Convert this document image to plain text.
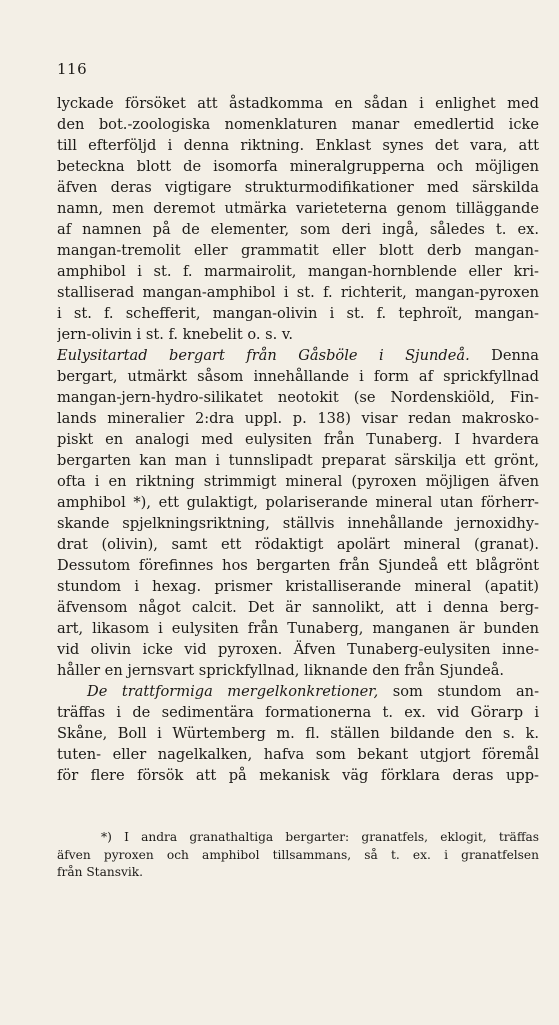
116
lyckade försöket att åstadkomma en sådan i enlighet med
den bot.-zoologiska nomenklaturen manar emedlertid icke
till efterföljd i denna riktning. Enklast synes det vara, att
beteckna blott de isomorfa mineralgrupperna och möjligen
äfven deras vigtigare strukturmodifikationer med särskilda
namn, men deremot utmärka varieteterna genom tilläggande
af namnen på de elementer, som deri ingå, således t. ex.
mangan-tremolit eller grammatit eller blott derb mangan-
amphibol i st. f. marmairolit, mangan-hornblende eller kri-
stalliserad mangan-amphibol i st. f. richterit, mangan-pyroxen
i st. f. schefferit, mangan-olivin i st. f. tephroït, mangan-
jern-olivin i st. f. knebelit o. s. v.
Eulysitartad bergart från Gåsböle i Sjundeå. Denna
bergart, utmärkt såsom innehållande i form af sprickfyllnad
mangan-jern-hydro-silikatet neotokit (se Nordenskiöld, Fin-
lands mineralier 2:dra uppl. p. 138) visar redan makrosko-
piskt en analogi med eulysiten från Tunaberg. I hvardera
bergarten kan man i tunnslipadt preparat särskilja ett grönt,
ofta i en riktning strimmigt mineral (pyroxen möjligen äfven
amphibol *), ett gulaktigt, polariserande mineral utan förherr-
skande spjelkningsriktning, ställvis innehållande jernoxidhy-
drat (olivin), samt ett rödaktigt apolärt mineral (granat).
Dessutom förefinnes hos bergarten från Sjundeå ett blågrönt
stundom i hexag. prismer kristalliserande mineral (apatit)
äfvensom något calcit. Det är sannolikt, att i denna berg-
art, likasom i eulysiten från Tunaberg, manganen är bunden
vid olivin icke vid pyroxen. Äfven Tunaberg-eulysiten inne-
håller en jernsvart sprickfyllnad, liknande den från Sjundeå.
De trattformiga mergelkonkretioner, som stundom an-
träffas i de sedimentära formationerna t. ex. vid Görarp i
Skåne, Boll i Würtemberg m. fl. ställen bildande den s. k.
tuten- eller nagelkalken, hafva som bekant utgjort föremål
för flere försök att på mekanisk väg förklara deras upp-
*) I andra granathaltiga bergarter: granatfels, eklogit, träffas
äfven pyroxen och amphibol tillsammans, så t. ex. i granatfelsen
från Stansvik.
